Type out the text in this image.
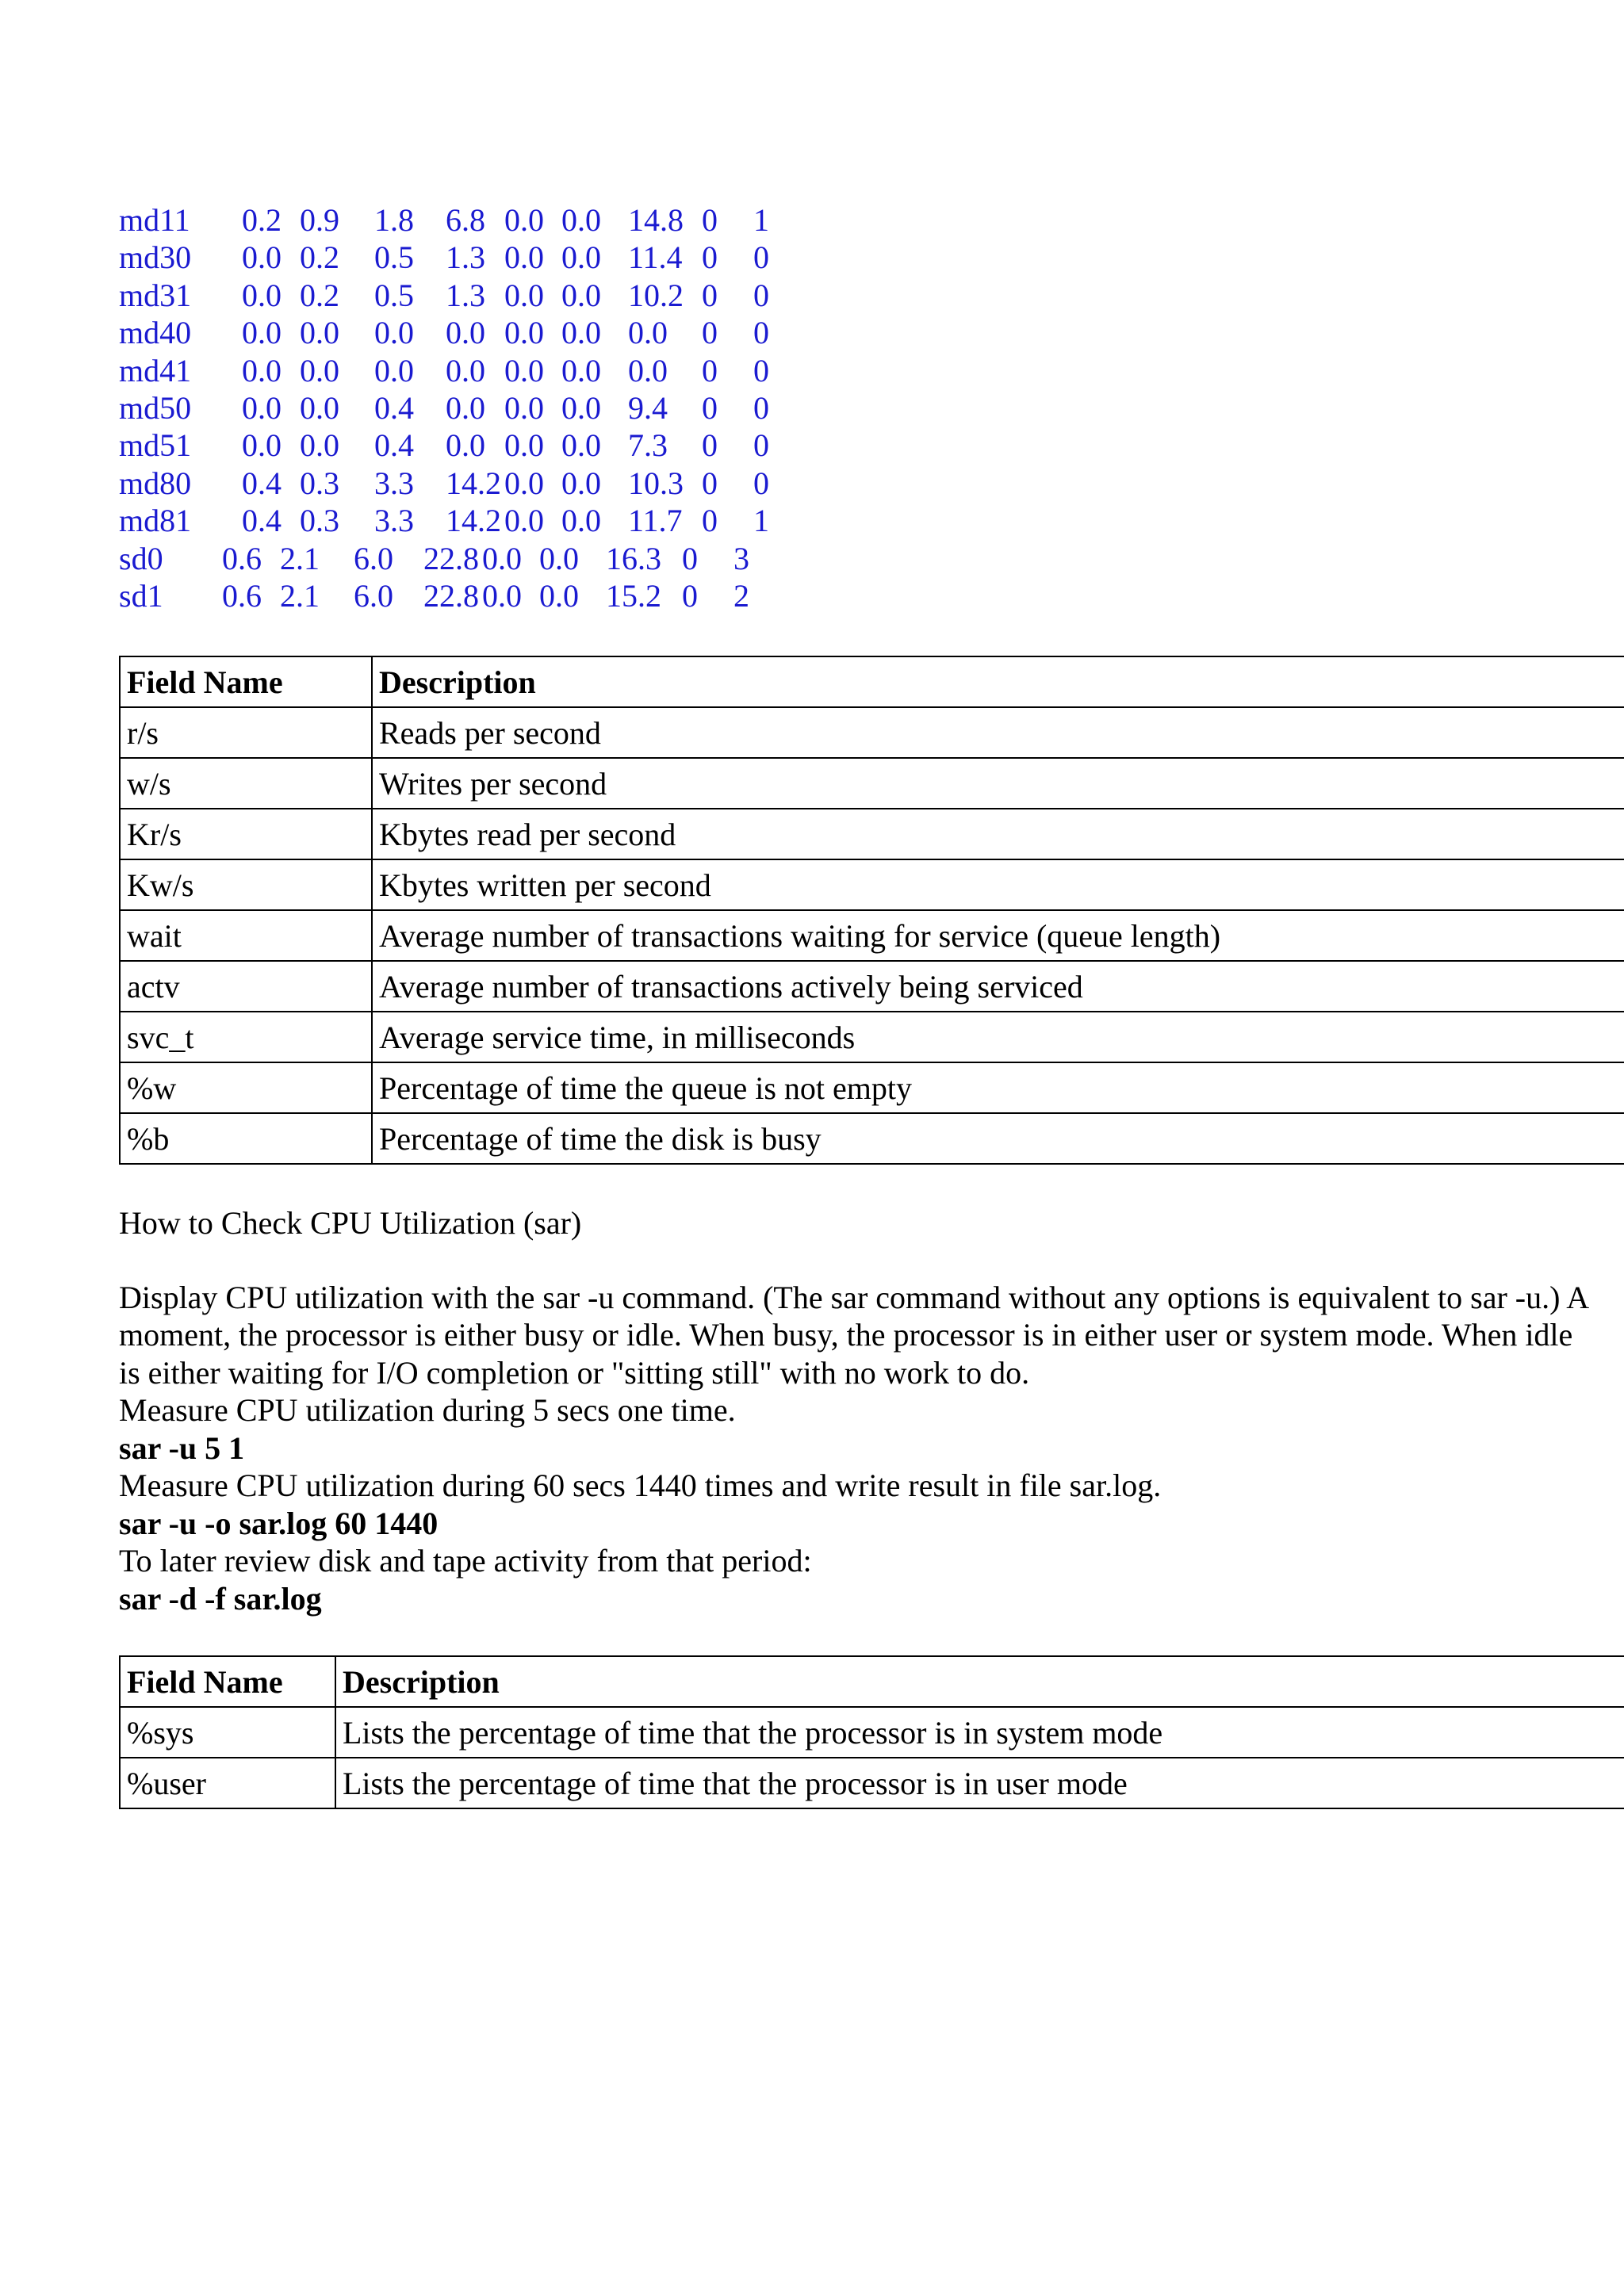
md11 0.2 0.9 1.8 6.8 0.0 0.0 14.8 0 1
md30 0.0 0.2 0.5 1.3 0.0 0.0 11.4 0 0
md31 0.0 0.2 0.5 1.3 0.0 0.0 10.2 0 0
md40 0.0 0.0 0.0 0.0 0.0 0.0 0.0 0 0
md41 0.0 0.0 0.0 0.0 0.0 0.0 0.0 0 0
md50 0.0 0.0 0.4 0.0 0.0 0.0 9.4 0 0
md51 0.0 0.0 0.4 0.0 0.0 0.0 7.3 0 0
md80 0.4 0.3 3.3 14.2 0.0 0.0 10.3 0 0
md81 0.4 0.3 3.3 14.2 0.0 0.0 11.7 0 1
sd0 0.6 2.1 6.0 22.8 0.0 0.0 16.3 0 3
sd1 0.6 2.1 6.0 22.8 0.0 0.0 15.2 0 2
Field Name	Description
r/s	Reads per second
w/s	Writes per second
Kr/s	Kbytes read per second
Kw/s	Kbytes written per second
wait	Average number of transactions waiting for service (queue length)
actv	Average number of transactions actively being serviced
svc_t	Average service time, in milliseconds
%w	Percentage of time the queue is not empty
%b	Percentage of time the disk is busy

How to Check CPU Utilization (sar)

Display CPU utilization with the sar -u command. (The sar command without any options is equivalent to sar -u.) A

moment, the processor is either busy or idle. When busy, the processor is in either user or system mode. When idle

is either waiting for I/O completion or "sitting still" with no work to do.

Measure CPU utilization during 5 secs one time.

sar -u 5 1

Measure CPU utilization during 60 secs 1440 times and write result in file sar.log.

sar -u -o sar.log 60 1440

To later review disk and tape activity from that period:

sar -d -f sar.log

Field Name	Description
%sys	Lists the percentage of time that the processor is in system mode
%user	Lists the percentage of time that the processor is in user mode
